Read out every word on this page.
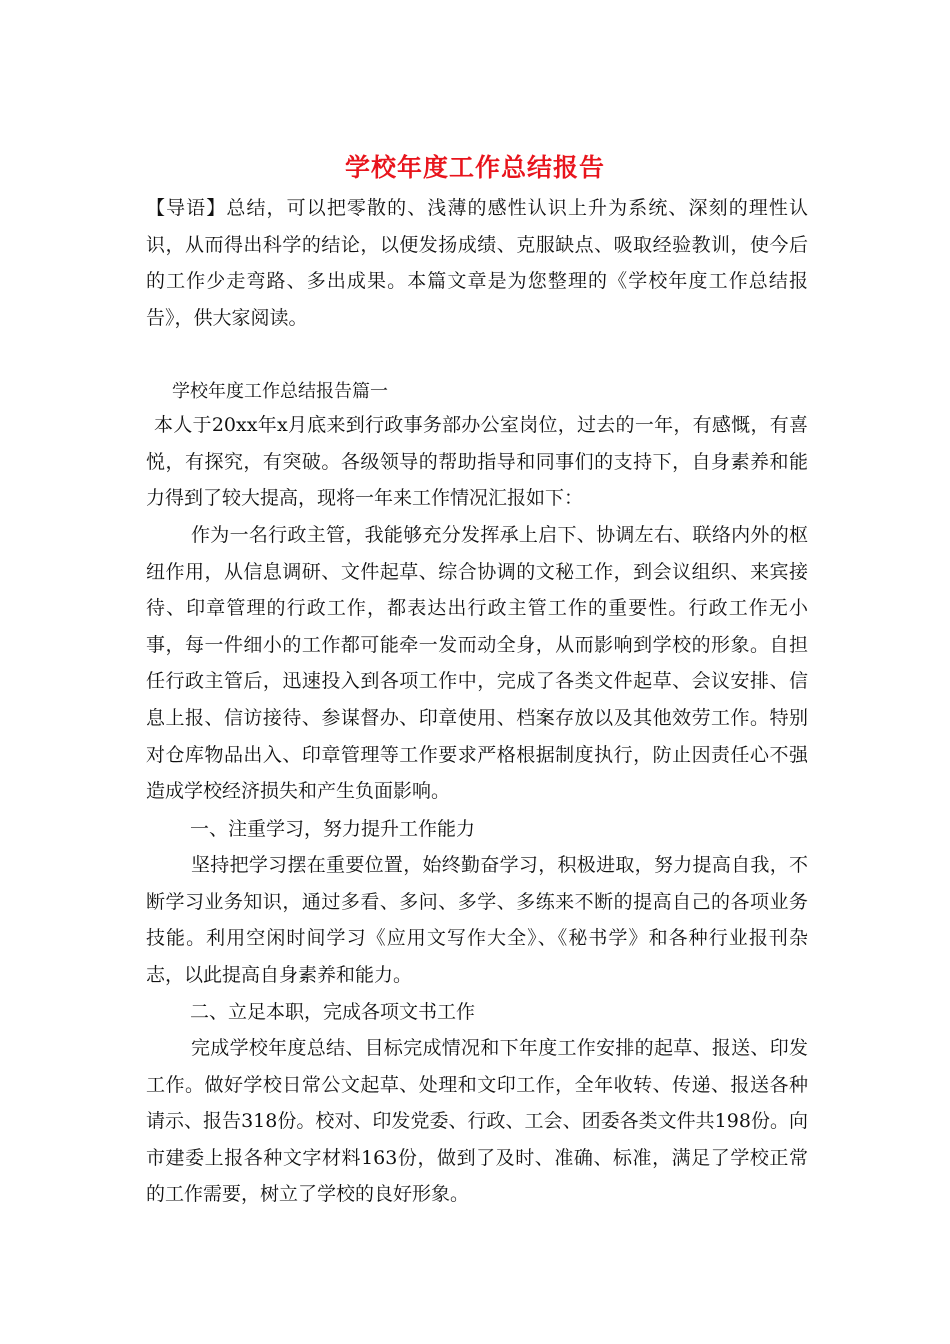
学校年度工作总结报告
【导语】总结，可以把零散的、浅薄的感性认识上升为系统、深刻的理性认识，从而得出科学的结论，以便发扬成绩、克服缺点、吸取经验教训，使今后的工作少走弯路、多出成果。本篇文章是为您整理的《学校年度工作总结报告》，供大家阅读。
学校年度工作总结报告篇一
本人于20xx年x月底来到行政事务部办公室岗位，过去的一年，有感慨，有喜悦，有探究，有突破。各级领导的帮助指导和同事们的支持下，自身素养和能力得到了较大提高，现将一年来工作情况汇报如下：
作为一名行政主管，我能够充分发挥承上启下、协调左右、联络内外的枢纽作用，从信息调研、文件起草、综合协调的文秘工作，到会议组织、来宾接待、印章管理的行政工作，都表达出行政主管工作的重要性。行政工作无小事，每一件细小的工作都可能牵一发而动全身，从而影响到学校的形象。自担任行政主管后，迅速投入到各项工作中，完成了各类文件起草、会议安排、信息上报、信访接待、参谋督办、印章使用、档案存放以及其他效劳工作。特别对仓库物品出入、印章管理等工作要求严格根据制度执行，防止因责任心不强造成学校经济损失和产生负面影响。
一、注重学习，努力提升工作能力
坚持把学习摆在重要位置，始终勤奋学习，积极进取，努力提高自我，不断学习业务知识，通过多看、多问、多学、多练来不断的提高自己的各项业务技能。利用空闲时间学习《应用文写作大全》、《秘书学》和各种行业报刊杂志，以此提高自身素养和能力。
二、立足本职，完成各项文书工作
完成学校年度总结、目标完成情况和下年度工作安排的起草、报送、印发工作。做好学校日常公文起草、处理和文印工作，全年收转、传递、报送各种请示、报告318份。校对、印发党委、行政、工会、团委各类文件共198份。向市建委上报各种文字材料163份，做到了及时、准确、标准，满足了学校正常的工作需要，树立了学校的良好形象。
